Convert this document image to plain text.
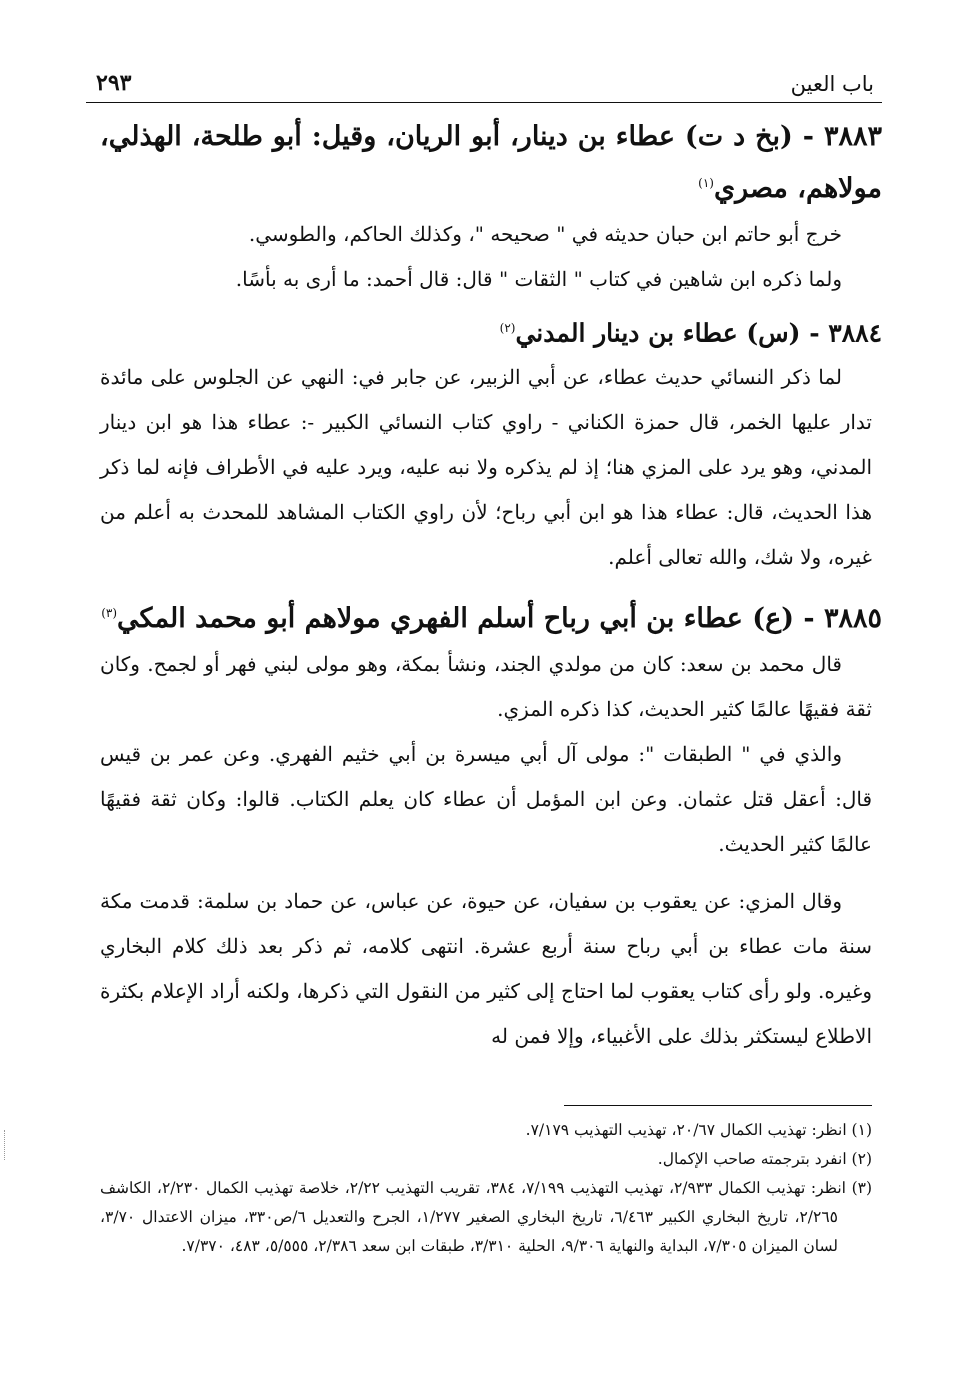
باب العين
٢٩٣
٣٨٨٣ - (بخ د ت) عطاء بن دينار، أبو الريان، وقيل: أبو طلحة، الهذلي، مولاهم، مصري$^{(١)}$

خرج أبو حاتم ابن حبان حديثه في " صحيحه "، وكذلك الحاكم، والطوسي.

ولما ذكره ابن شاهين في كتاب " الثقات " قال: قال أحمد: ما أرى به بأسًا.

٣٨٨٤ - (س) عطاء بن دينار المدني$^{(٢)}$

لما ذكر النسائي حديث عطاء، عن أبي الزبير، عن جابر في: النهي عن الجلوس على مائدة تدار عليها الخمر، قال حمزة الكناني - راوي كتاب النسائي الكبير -: عطاء هذا هو ابن دينار المدني، وهو يرد على المزي هنا؛ إذ لم يذكره ولا نبه عليه، ويرد عليه في الأطراف فإنه لما ذكر هذا الحديث، قال: عطاء هذا هو ابن أبي رباح؛ لأن راوي الكتاب المشاهد للمحدث به أعلم من غيره، ولا شك، والله تعالى أعلم.

٣٨٨٥ - (ع) عطاء بن أبي رباح أسلم الفهري مولاهم أبو محمد المكي$^{(٣)}$

قال محمد بن سعد: كان من مولدي الجند، ونشأ بمكة، وهو مولى لبني فهر أو لجمح. وكان ثقة فقيهًا عالمًا كثير الحديث، كذا ذكره المزي.

والذي في " الطبقات ": مولى آل أبي ميسرة بن أبي خثيم الفهري. وعن عمر بن قيس قال: أعقل قتل عثمان. وعن ابن المؤمل أن عطاء كان يعلم الكتاب. قالوا: وكان ثقة فقيهًا عالمًا كثير الحديث.

وقال المزي: عن يعقوب بن سفيان، عن حيوة، عن عباس، عن حماد بن سلمة: قدمت مكة سنة مات عطاء بن أبي رباح سنة أربع عشرة. انتهى كلامه، ثم ذكر بعد ذلك كلام البخاري وغيره. ولو رأى كتاب يعقوب لما احتاج إلى كثير من النقول التي ذكرها، ولكنه أراد الإعلام بكثرة الاطلاع ليستكثر بذلك على الأغبياء، وإلا فمن له

(١) انظر: تهذيب الكمال ٢٠/٦٧، تهذيب التهذيب ٧/١٧٩.

(٢) انفرد بترجمته صاحب الإكمال.

(٣) انظر: تهذيب الكمال ٢/٩٣٣، تهذيب التهذيب ٧/١٩٩، ٣٨٤، تقريب التهذيب ٢/٢٢، خلاصة تهذيب الكمال ٢/٢٣٠، الكاشف ٢/٢٦٥، تاريخ البخاري الكبير ٦/٤٦٣، تاريخ البخاري الصغير ١/٢٧٧، الجرح والتعديل ٦/ص٣٣٠، ميزان الاعتدال ٣/٧٠، لسان الميزان ٧/٣٠٥، البداية والنهاية ٩/٣٠٦، الحلية ٣/٣١٠، طبقات ابن سعد ٢/٣٨٦، ٥/٥٥٥، ٤٨٣، ٧/٣٧٠.
